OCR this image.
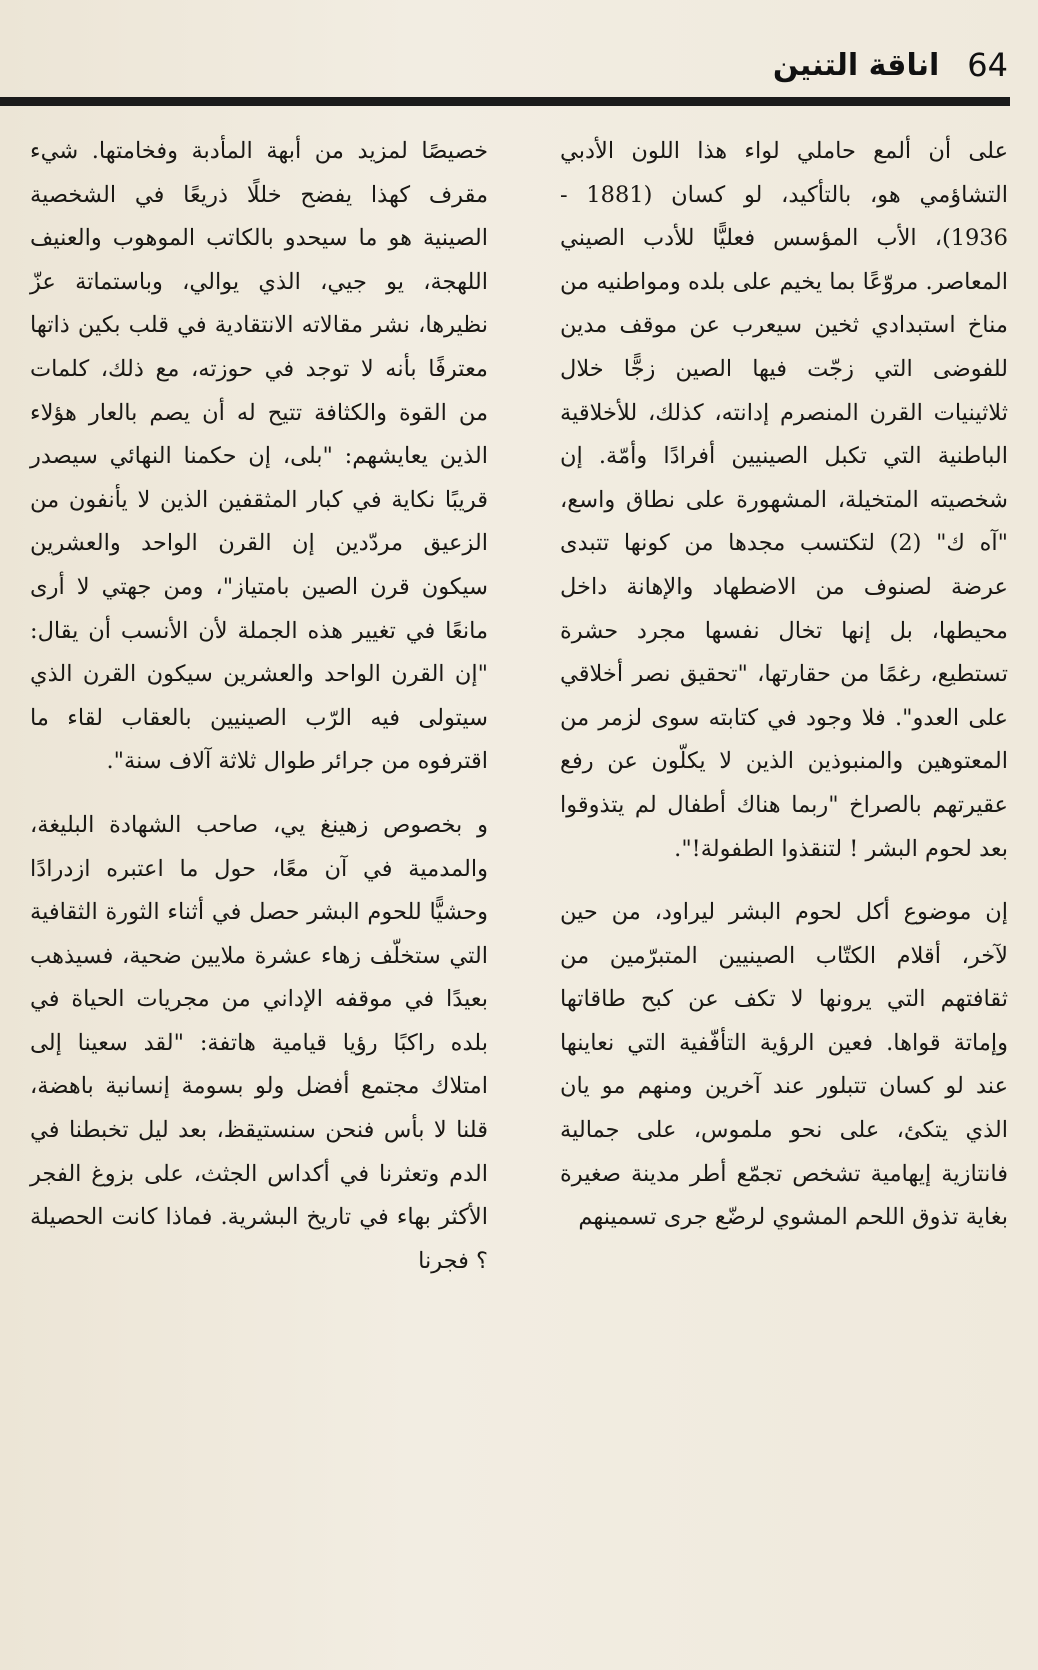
اناقة التنين 64

على أن ألمع حاملي لواء هذا اللون الأدبي التشاؤمي هو، بالتأكيد، لو كسان (1881 - 1936)، الأب المؤسس فعليًّا للأدب الصيني المعاصر. مروّعًا بما يخيم على بلده ومواطنيه من مناخ استبدادي ثخين سيعرب عن موقف مدين للفوضى التي زجّت فيها الصين زجًّا خلال ثلاثينيات القرن المنصرم إدانته، كذلك، للأخلاقية الباطنية التي تكبل الصينيين أفرادًا وأمّة. إن شخصيته المتخيلة، المشهورة على نطاق واسع، "آه ك" (2) لتكتسب مجدها من كونها تتبدى عرضة لصنوف من الاضطهاد والإهانة داخل محيطها، بل إنها تخال نفسها مجرد حشرة تستطيع، رغمًا من حقارتها، "تحقيق نصر أخلاقي على العدو". فلا وجود في كتابته سوى لزمر من المعتوهين والمنبوذين الذين لا يكلّون عن رفع عقيرتهم بالصراخ "ربما هناك أطفال لم يتذوقوا بعد لحوم البشر ! لتنقذوا الطفولة!".

إن موضوع أكل لحوم البشر ليراود، من حين لآخر، أقلام الكتّاب الصينيين المتبرّمين من ثقافتهم التي يرونها لا تكف عن كبح طاقاتها وإماتة قواها. فعين الرؤية التأفّفية التي نعاينها عند لو كسان تتبلور عند آخرين ومنهم مو يان الذي يتكئ، على نحو ملموس، على جمالية فانتازية إيهامية تشخص تجمّع أطر مدينة صغيرة بغاية تذوق اللحم المشوي لرضّع جرى تسمينهم

خصيصًا لمزيد من أبهة المأدبة وفخامتها. شيء مقرف كهذا يفضح خللًا ذريعًا في الشخصية الصينية هو ما سيحدو بالكاتب الموهوب والعنيف اللهجة، يو جيي، الذي يوالي، وباستماتة عزّ نظيرها، نشر مقالاته الانتقادية في قلب بكين ذاتها معترفًا بأنه لا توجد في حوزته، مع ذلك، كلمات من القوة والكثافة تتيح له أن يصم بالعار هؤلاء الذين يعايشهم: "بلى، إن حكمنا النهائي سيصدر قريبًا نكاية في كبار المثقفين الذين لا يأنفون من الزعيق مردّدين إن القرن الواحد والعشرين سيكون قرن الصين بامتياز"، ومن جهتي لا أرى مانعًا في تغيير هذه الجملة لأن الأنسب أن يقال: "إن القرن الواحد والعشرين سيكون القرن الذي سيتولى فيه الرّب الصينيين بالعقاب لقاء ما اقترفوه من جرائر طوال ثلاثة آلاف سنة".

و بخصوص زهينغ يي، صاحب الشهادة البليغة، والمدمية في آن معًا، حول ما اعتبره ازدرادًا وحشيًّا للحوم البشر حصل في أثناء الثورة الثقافية التي ستخلّف زهاء عشرة ملايين ضحية، فسيذهب بعيدًا في موقفه الإداني من مجريات الحياة في بلده راكبًا رؤيا قيامية هاتفة: "لقد سعينا إلى امتلاك مجتمع أفضل ولو بسومة إنسانية باهضة، قلنا لا بأس فنحن سنستيقظ، بعد ليل تخبطنا في الدم وتعثرنا في أكداس الجثث، على بزوغ الفجر الأكثر بهاء في تاريخ البشرية. فماذا كانت الحصيلة ؟ فجرنا
